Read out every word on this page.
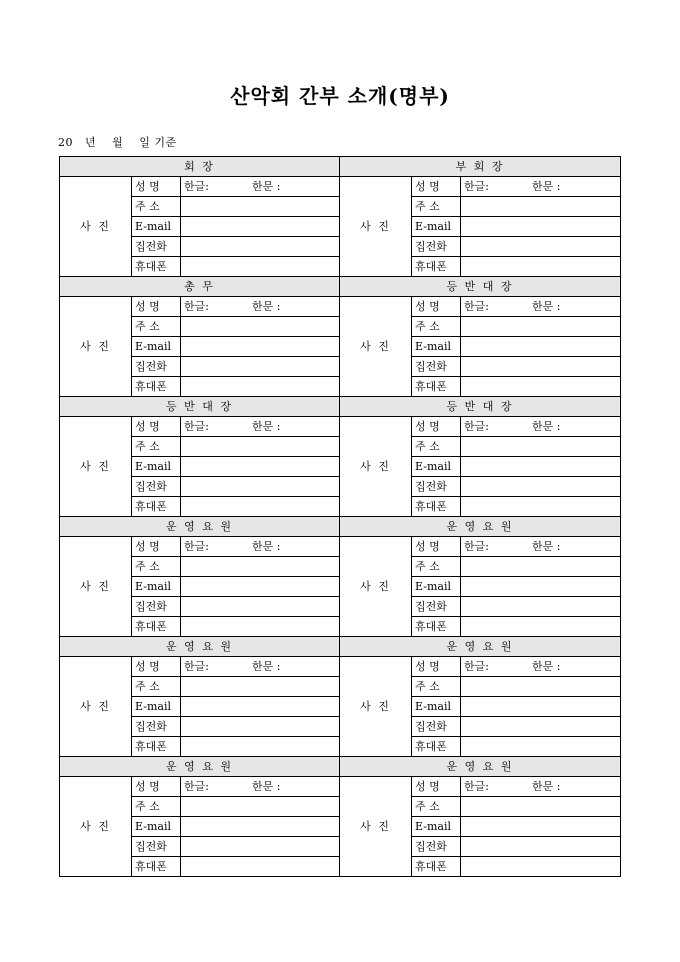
산악회 간부 소개(명부)
20   년    월    일 기준
회 장			부 회 장		
사 진	성 명	한글: 한문 :	사 진	성 명	한글: 한문 :
	주 소			주 소	
	E-mail			E-mail	
	집전화			집전화	
	휴대폰			휴대폰	
총 무			등 반 대 장		
사 진	성 명	한글: 한문 :	사 진	성 명	한글: 한문 :
	주 소			주 소	
	E-mail			E-mail	
	집전화			집전화	
	휴대폰			휴대폰	
등 반 대 장			등 반 대 장		
사 진	성 명	한글: 한문 :	사 진	성 명	한글: 한문 :
	주 소			주 소	
	E-mail			E-mail	
	집전화			집전화	
	휴대폰			휴대폰	
운 영 요 원			운 영 요 원		
사 진	성 명	한글: 한문 :	사 진	성 명	한글: 한문 :
	주 소			주 소	
	E-mail			E-mail	
	집전화			집전화	
	휴대폰			휴대폰	
운 영 요 원			운 영 요 원		
사 진	성 명	한글: 한문 :	사 진	성 명	한글: 한문 :
	주 소			주 소	
	E-mail			E-mail	
	집전화			집전화	
	휴대폰			휴대폰	
운 영 요 원			운 영 요 원		
사 진	성 명	한글: 한문 :	사 진	성 명	한글: 한문 :
	주 소			주 소	
	E-mail			E-mail	
	집전화			집전화	
	휴대폰			휴대폰	
